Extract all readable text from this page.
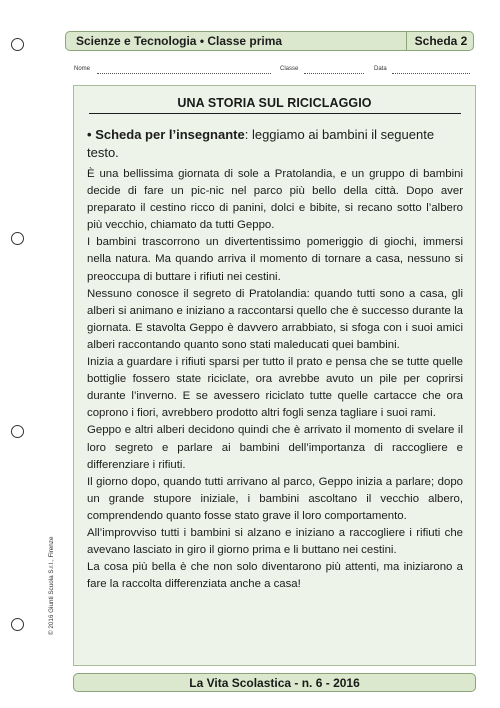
Scienze e Tecnologia • Classe prima	Scheda 2
Nome	Classe	Data
UNA STORIA SUL RICICLAGGIO
• Scheda per l’insegnante: leggiamo ai bambini il seguente testo.

È una bellissima giornata di sole a Pratolandia, e un gruppo di bambini decide di fare un pic-nic nel parco più bello della città. Dopo aver preparato il cestino ricco di panini, dolci e bibite, si recano sotto l’albero più vecchio, chiamato da tutti Geppo.

I bambini trascorrono un divertentissimo pomeriggio di giochi, immersi nella natura. Ma quando arriva il momento di tornare a casa, nessuno si preoccupa di buttare i rifiuti nei cestini.

Nessuno conosce il segreto di Pratolandia: quando tutti sono a casa, gli alberi si animano e iniziano a raccontarsi quello che è successo durante la giornata. E stavolta Geppo è davvero arrabbiato, si sfoga con i suoi amici alberi raccontando quanto sono stati maleducati quei bambini.

Inizia a guardare i rifiuti sparsi per tutto il prato e pensa che se tutte quelle bottiglie fossero state riciclate, ora avrebbe avuto un pile per coprirsi durante l’inverno. E se avessero riciclato tutte quelle cartacce che ora coprono i fiori, avrebbero prodotto altri fogli senza tagliare i suoi rami.

Geppo e altri alberi decidono quindi che è arrivato il momento di svelare il loro segreto e parlare ai bambini dell’importanza di raccogliere e differenziare i rifiuti.

Il giorno dopo, quando tutti arrivano al parco, Geppo inizia a parlare; dopo un grande stupore iniziale, i bambini ascoltano il vecchio albero, comprendendo quanto fosse stato grave il loro comportamento.

All’improvviso tutti i bambini si alzano e iniziano a raccogliere i rifiuti che avevano lasciato in giro il giorno prima e li buttano nei cestini.

La cosa più bella è che non solo diventarono più attenti, ma iniziarono a fare la raccolta differenziata anche a casa!

© 2016 Giunti Scuola S.r.l., Firenze
La Vita Scolastica - n. 6 - 2016
